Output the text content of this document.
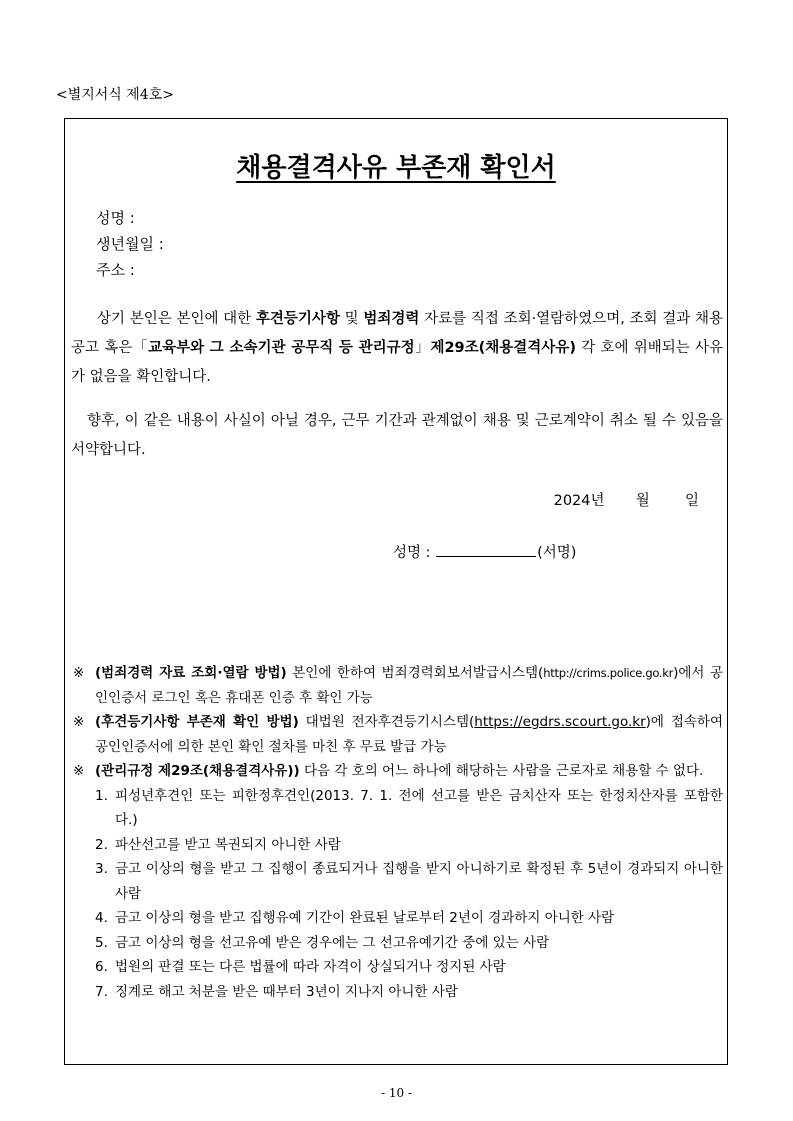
<별지서식 제4호>
채용결격사유 부존재 확인서
성명 :
생년월일 :
주소 :
상기 본인은 본인에 대한 후견등기사항 및 범죄경력 자료를 직접 조회·열람하였으며, 조회 결과 채용공고 혹은「교육부와 그 소속기관 공무직 등 관리규정」제29조(채용결격사유) 각 호에 위배되는 사유가 없음을 확인합니다.
향후, 이 같은 내용이 사실이 아닐 경우, 근무 기간과 관계없이 채용 및 근로계약이 취소 될 수 있음을 서약합니다.
2024년 월 일
성명 :	(서명)
※ (범죄경력 자료 조회·열람 방법) 본인에 한하여 범죄경력회보서발급시스템(http://crims.police.go.kr)에서 공인인증서 로그인 혹은 휴대폰 인증 후 확인 가능
※ (후견등기사항 부존재 확인 방법) 대법원 전자후견등기시스템(https://egdrs.scourt.go.kr)에 접속하여 공인인증서에 의한 본인 확인 절차를 마친 후 무료 발급 가능
※ (관리규정 제29조(채용결격사유)) 다음 각 호의 어느 하나에 해당하는 사람을 근로자로 채용할 수 없다.
1. 피성년후견인 또는 피한정후견인(2013. 7. 1. 전에 선고를 받은 금치산자 또는 한정치산자를 포함한다.)
2. 파산선고를 받고 복권되지 아니한 사람
3. 금고 이상의 형을 받고 그 집행이 종료되거나 집행을 받지 아니하기로 확정된 후 5년이 경과되지 아니한 사람
4. 금고 이상의 형을 받고 집행유예 기간이 완료된 날로부터 2년이 경과하지 아니한 사람
5. 금고 이상의 형을 선고유예 받은 경우에는 그 선고유예기간 중에 있는 사람
6. 법원의 판결 또는 다른 법률에 따라 자격이 상실되거나 정지된 사람
7. 징계로 해고 처분을 받은 때부터 3년이 지나지 아니한 사람
- 10 -
